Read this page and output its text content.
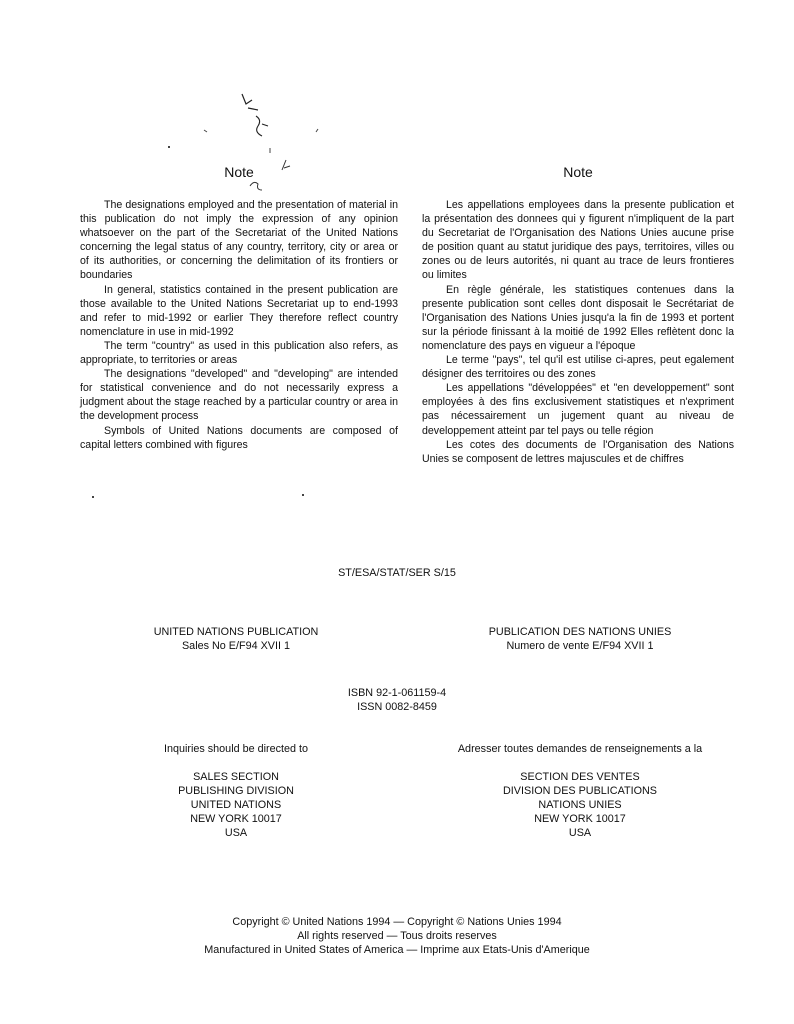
Note	Note

The designations employed and the presentation of material in this publication do not imply the expression of any opinion whatsoever on the part of the Secretariat of the United Nations concerning the legal status of any country, territory, city or area or of its authorities, or concerning the delimitation of its frontiers or boundaries

In general, statistics contained in the present publication are those available to the United Nations Secretariat up to end-1993 and refer to mid-1992 or earlier They therefore reflect country nomenclature in use in mid-1992

The term "country" as used in this publication also refers, as appropriate, to territories or areas

The designations "developed" and "developing" are intended for statistical convenience and do not necessarily express a judgment about the stage reached by a particular country or area in the development process

Symbols of United Nations documents are composed of capital letters combined with figures

Les appellations employees dans la presente publication et la présentation des donnees qui y figurent n'impliquent de la part du Secretariat de l'Organisation des Nations Unies aucune prise de position quant au statut juridique des pays, territoires, villes ou zones ou de leurs autorités, ni quant au trace de leurs frontieres ou limites

En règle générale, les statistiques contenues dans la presente publication sont celles dont disposait le Secrétariat de l'Organisation des Nations Unies jusqu'a la fin de 1993 et portent sur la période finissant à la moitié de 1992 Elles reflètent donc la nomenclature des pays en vigueur a l'époque

Le terme "pays", tel qu'il est utilise ci-apres, peut egalement désigner des territoires ou des zones

Les appellations "développées" et "en developpement" sont employées à des fins exclusivement statistiques et n'expriment pas nécessairement un jugement quant au niveau de developpement atteint par tel pays ou telle région

Les cotes des documents de l'Organisation des Nations Unies se composent de lettres majuscules et de chiffres

ST/ESA/STAT/SER S/15
UNITED NATIONS PUBLICATION
Sales No E/F94 XVII 1
PUBLICATION DES NATIONS UNIES
Numero de vente E/F94 XVII 1
ISBN 92-1-061159-4
ISSN 0082-8459
Inquiries should be directed to	Adresser toutes demandes de renseignements a la
SALES SECTION
PUBLISHING DIVISION
UNITED NATIONS
NEW YORK 10017
USA
SECTION DES VENTES
DIVISION DES PUBLICATIONS
NATIONS UNIES
NEW YORK 10017
USA
Copyright © United Nations 1994 — Copyright © Nations Unies 1994
All rights reserved — Tous droits reserves
Manufactured in United States of America — Imprime aux Etats-Unis d'Amerique
